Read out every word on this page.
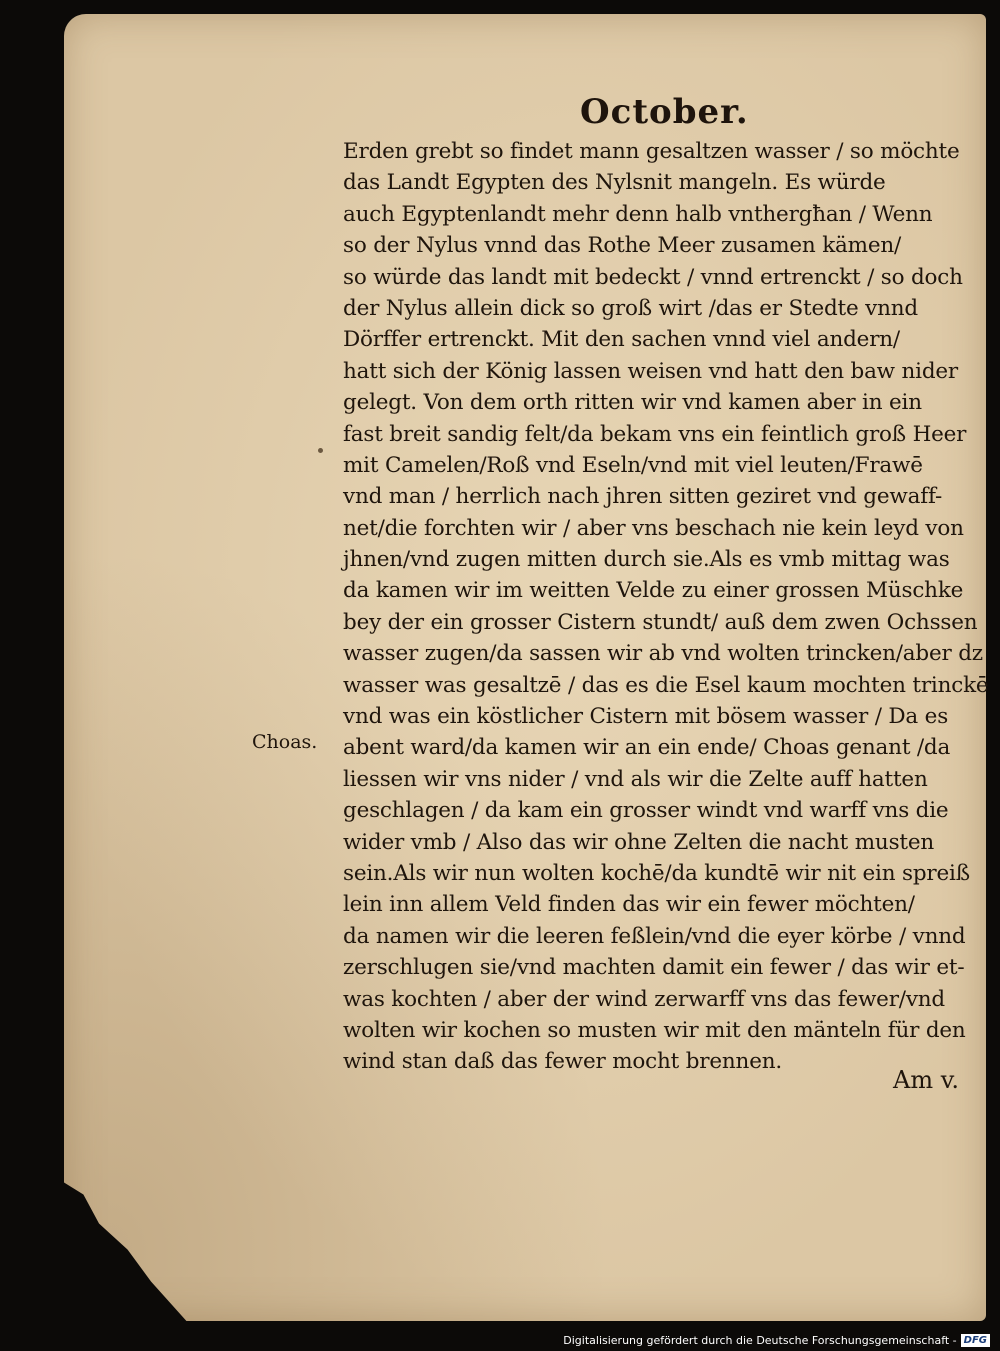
October.
Choas.
Erden grebt so findet mann gesaltzen wasser / so möchte
das Landt Egypten des Nylsnit mangeln. Es würde
auch Egyptenlandt mehr denn halb vnthergħan / Wenn
so der Nylus vnnd das Rothe Meer zusamen kämen/
so würde das landt mit bedeckt / vnnd ertrenckt / so doch
der Nylus allein dick so groß wirt /das er Stedte vnnd
Dörffer ertrenckt. Mit den sachen vnnd viel andern/
hatt sich der König lassen weisen vnd hatt den baw nider
gelegt. Von dem orth ritten wir vnd kamen aber in ein
fast breit sandig felt/da bekam vns ein feintlich groß Heer
mit Camelen/Roß vnd Eseln/vnd mit viel leuten/Frawē
vnd man / herrlich nach jhren sitten geziret vnd gewaff-
net/die forchten wir / aber vns beschach nie kein leyd von
jhnen/vnd zugen mitten durch sie.Als es vmb mittag was
da kamen wir im weitten Velde zu einer grossen Müschke
bey der ein grosser Cistern stundt/ auß dem zwen Ochssen
wasser zugen/da sassen wir ab vnd wolten trincken/aber dz
wasser was gesaltzē / das es die Esel kaum mochten trinckē
vnd was ein köstlicher Cistern mit bösem wasser / Da es
abent ward/da kamen wir an ein ende/ Choas genant /da
liessen wir vns nider / vnd als wir die Zelte auff hatten
geschlagen / da kam ein grosser windt vnd warff vns die
wider vmb / Also das wir ohne Zelten die nacht musten
sein.Als wir nun wolten kochē/da kundtē wir nit ein spreiß
lein inn allem Veld finden das wir ein fewer möchten/
da namen wir die leeren feßlein/vnd die eyer körbe / vnnd
zerschlugen sie/vnd machten damit ein fewer / das wir et-
was kochten / aber der wind zerwarff vns das fewer/vnd
wolten wir kochen so musten wir mit den mänteln für den
wind stan daß das fewer mocht brennen.
Am v.
Digitalisierung gefördert durch die Deutsche Forschungsgemeinschaft - DFG
